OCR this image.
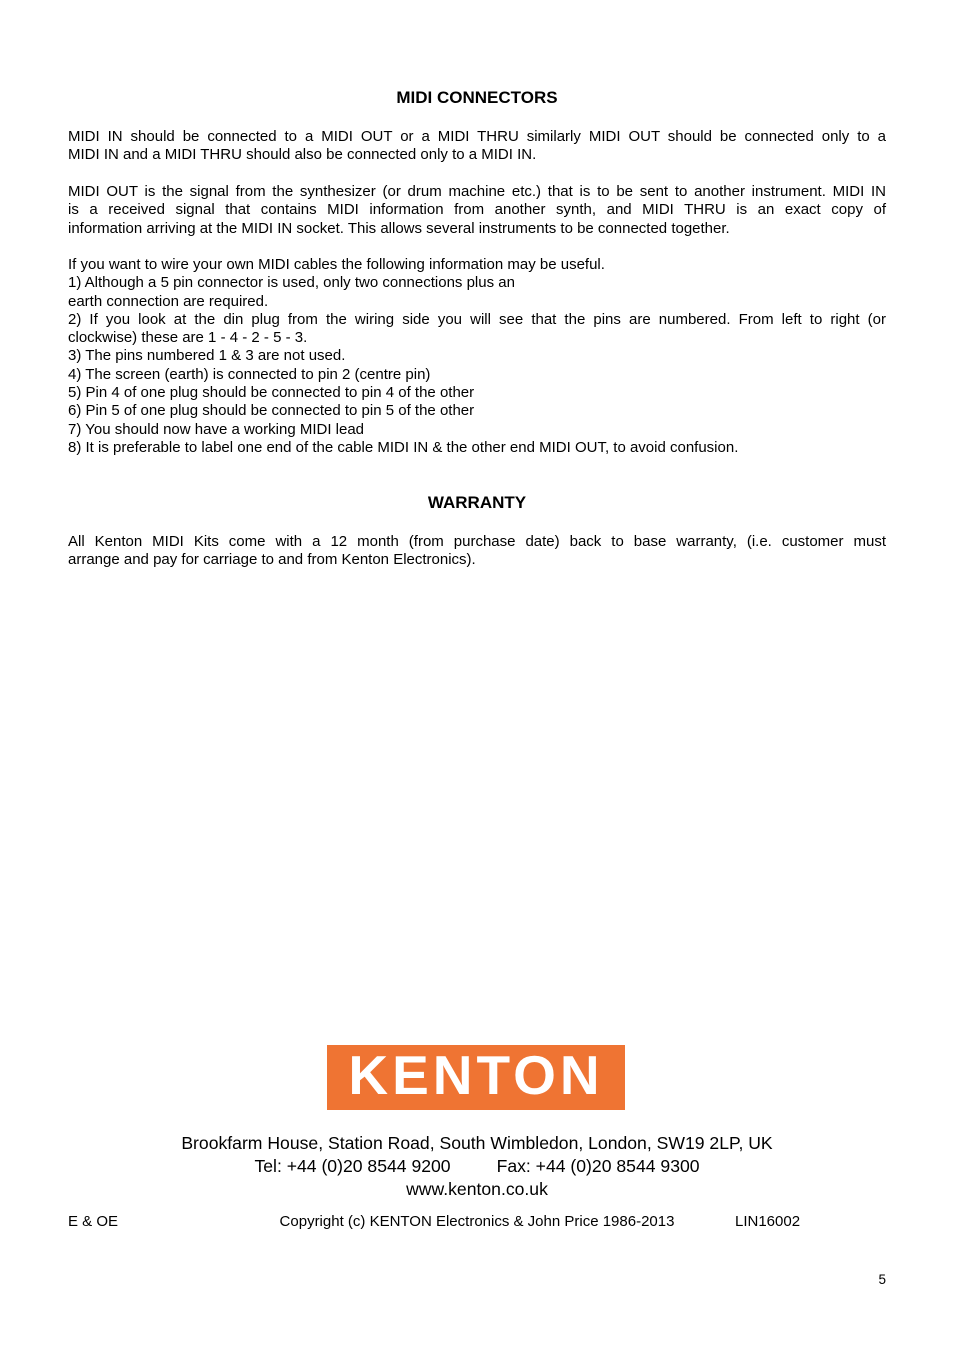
MIDI CONNECTORS
MIDI IN should be connected to a MIDI OUT or a MIDI THRU similarly MIDI OUT should be connected only to a
MIDI IN and a MIDI THRU should also be connected only to a MIDI IN.
MIDI OUT is the signal from the synthesizer (or drum machine etc.) that is to be sent to another instrument. MIDI IN
is a received signal that contains MIDI information from another synth, and MIDI THRU is an exact copy of
information arriving at the MIDI IN socket. This allows several instruments to be connected together.
If you want to wire your own MIDI cables the following information may be useful.
1) Although a 5 pin connector is used, only two connections plus an
earth connection are required.
2) If you look at the din plug from the wiring side you will see that the pins are numbered. From left to right (or
clockwise) these are 1 - 4 - 2 - 5 - 3.
3) The pins numbered 1 & 3 are not used.
4) The screen (earth) is connected to pin 2 (centre pin)
5) Pin 4 of one plug should be connected to pin 4 of the other
6) Pin 5 of one plug should be connected to pin 5 of the other
7) You should now have a working MIDI lead
8) It is preferable to label one end of the cable MIDI IN & the other end MIDI OUT, to avoid confusion.
WARRANTY
All Kenton MIDI Kits come with a 12 month (from purchase date) back to base warranty, (i.e. customer must
arrange and pay for carriage to and from Kenton Electronics).
KENTON
Brookfarm House, Station Road, South Wimbledon, London, SW19 2LP, UK
Tel: +44 (0)20 8544 9200	Fax: +44 (0)20 8544 9300
www.kenton.co.uk
E & OE	Copyright (c) KENTON Electronics & John Price 1986-2013	LIN16002
5
